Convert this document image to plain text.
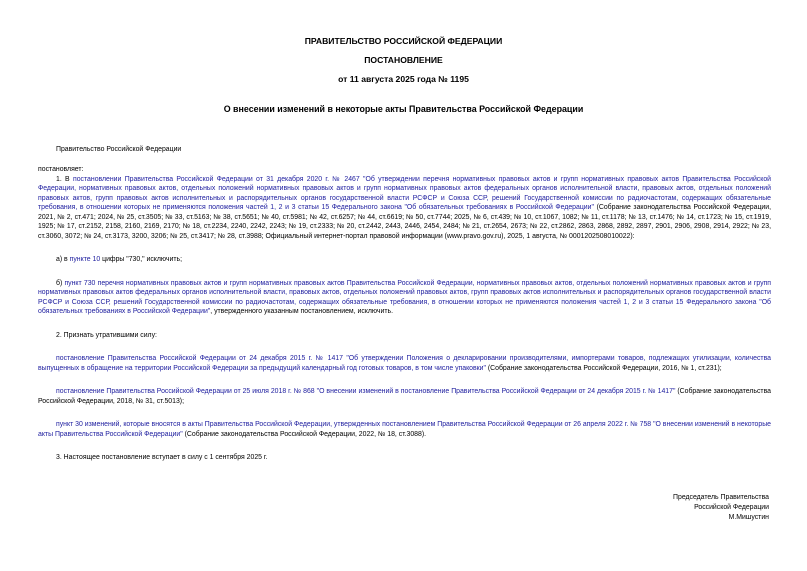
ПРАВИТЕЛЬСТВО РОССИЙСКОЙ ФЕДЕРАЦИИ
ПОСТАНОВЛЕНИЕ
от 11 августа 2025 года № 1195
О внесении изменений в некоторые акты Правительства Российской Федерации

Правительство Российской Федерации

постановляет:

1. В постановлении Правительства Российской Федерации от 31 декабря 2020 г. № 2467 "Об утверждении перечня нормативных правовых актов и групп нормативных правовых актов Правительства Российской Федерации, нормативных правовых актов, отдельных положений нормативных правовых актов и групп нормативных правовых актов федеральных органов исполнительной власти, правовых актов, отдельных положений правовых актов, групп правовых актов исполнительных и распорядительных органов государственной власти РСФСР и Союза ССР, решений Государственной комиссии по радиочастотам, содержащих обязательные требования, в отношении которых не применяются положения частей 1, 2 и 3 статьи 15 Федерального закона "Об обязательных требованиях в Российской Федерации" (Собрание законодательства Российской Федерации, 2021, № 2, ст.471; 2024, № 25, ст.3505; № 33, ст.5163; № 38, ст.5651; № 40, ст.5981; № 42, ст.6257; № 44, ст.6619; № 50, ст.7744; 2025, № 6, ст.439; № 10, ст.1067, 1082; № 11, ст.1178; № 13, ст.1476; № 14, ст.1723; № 15, ст.1919, 1925; № 17, ст.2152, 2158, 2160, 2169, 2170; № 18, ст.2234, 2240, 2242, 2243; № 19, ст.2333; № 20, ст.2442, 2443, 2446, 2454, 2484; № 21, ст.2654, 2673; № 22, ст.2862, 2863, 2868, 2892, 2897, 2901, 2906, 2908, 2914, 2922; № 23, ст.3060, 3072; № 24, ст.3173, 3200, 3206; № 25, ст.3417; № 28, ст.3988; Официальный интернет-портал правовой информации (www.pravo.gov.ru), 2025, 1 августа, № 0001202508010022):

а) в пункте 10 цифры "730," исключить;

б) пункт 730 перечня нормативных правовых актов и групп нормативных правовых актов Правительства Российской Федерации, нормативных правовых актов, отдельных положений нормативных правовых актов и групп нормативных правовых актов федеральных органов исполнительной власти, правовых актов, отдельных положений правовых актов, групп правовых актов исполнительных и распорядительных органов государственной власти РСФСР и Союза ССР, решений Государственной комиссии по радиочастотам, содержащих обязательные требования, в отношении которых не применяются положения частей 1, 2 и 3 статьи 15 Федерального закона "Об обязательных требованиях в Российской Федерации", утвержденного указанным постановлением, исключить.

2. Признать утратившими силу:

постановление Правительства Российской Федерации от 24 декабря 2015 г. № 1417 "Об утверждении Положения о декларировании производителями, импортерами товаров, подлежащих утилизации, количества выпущенных в обращение на территории Российской Федерации за предыдущий календарный год готовых товаров, в том числе упаковки" (Собрание законодательства Российской Федерации, 2016, № 1, ст.231);

постановление Правительства Российской Федерации от 25 июля 2018 г. № 868 "О внесении изменений в постановление Правительства Российской Федерации от 24 декабря 2015 г. № 1417" (Собрание законодательства Российской Федерации, 2018, № 31, ст.5013);

пункт 30 изменений, которые вносятся в акты Правительства Российской Федерации, утвержденных постановлением Правительства Российской Федерации от 26 апреля 2022 г. № 758 "О внесении изменений в некоторые акты Правительства Российской Федерации" (Собрание законодательства Российской Федерации, 2022, № 18, ст.3088).

3. Настоящее постановление вступает в силу с 1 сентября 2025 г.

Председатель Правительства
Российской Федерации
М.Мишустин
